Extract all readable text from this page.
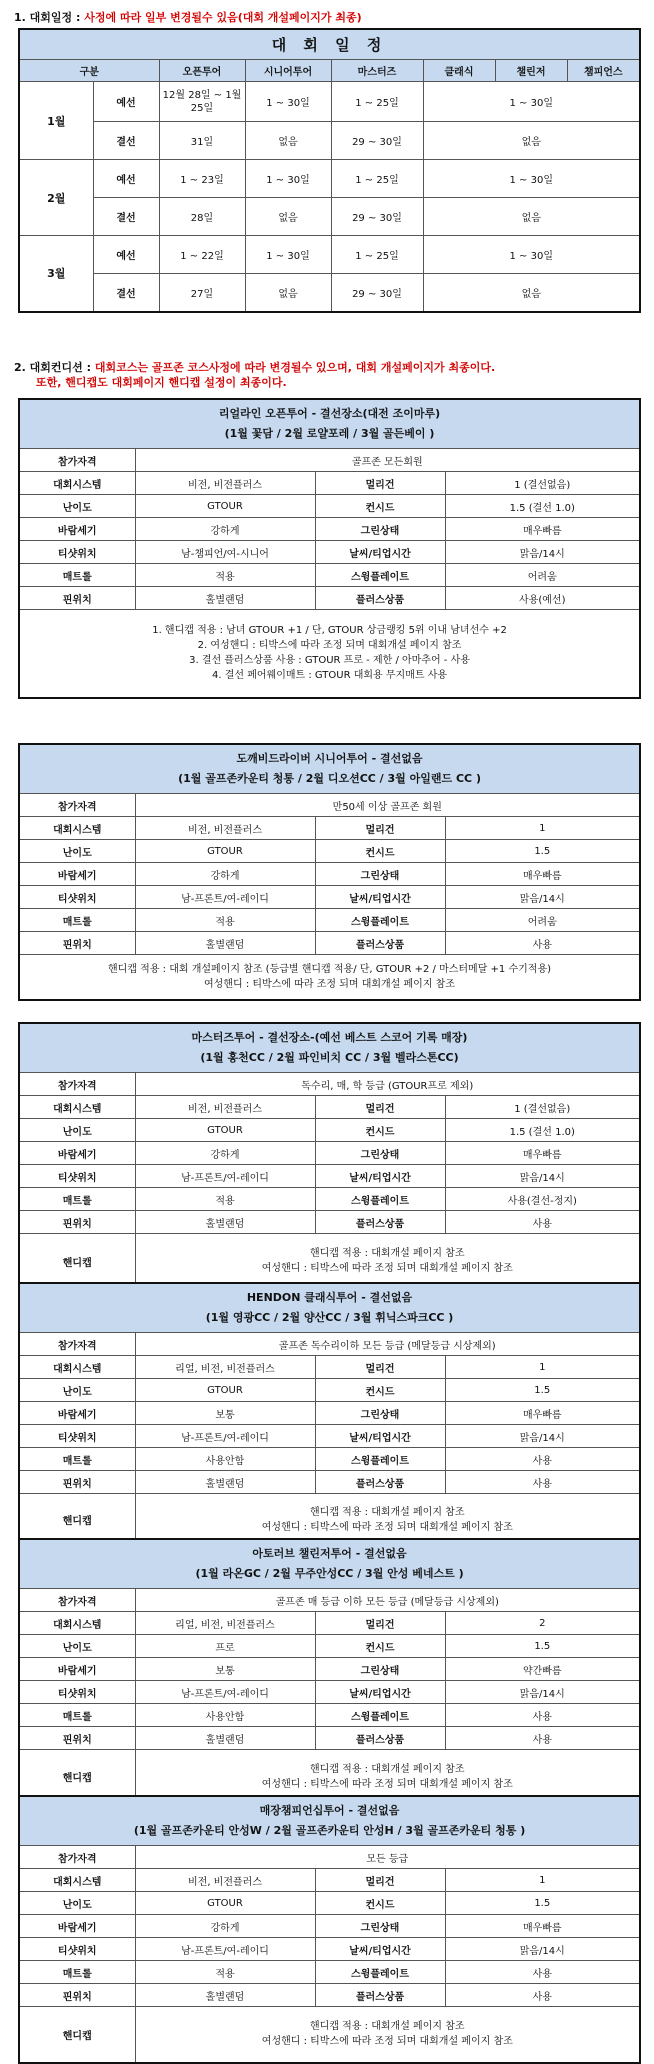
1. 대회일정 : 사정에 따라 일부 변경될수 있음(대회 개설페이지가 최종)
대 회 일 정							
구분		오픈투어	시니어투어	마스터즈	클래식	챌린저	챔피언스
1월	예선	12월 28일 ~ 1월 25일	1 ~ 30일	1 ~ 25일	1 ~ 30일		
	결선	31일	없음	29 ~ 30일	없음		
2월	예선	1 ~ 23일	1 ~ 30일	1 ~ 25일	1 ~ 30일		
	결선	28일	없음	29 ~ 30일	없음		
3월	예선	1 ~ 22일	1 ~ 30일	1 ~ 25일	1 ~ 30일		
	결선	27일	없음	29 ~ 30일	없음		
2. 대회컨디션 : 대회코스는 골프존 코스사정에 따라 변경될수 있으며, 대회 개설페이지가 최종이다.
또한, 핸디캡도 대회페이지 핸디캡 설정이 최종이다.
리얼라인 오픈투어 - 결선장소(대전 조이마루)
(1월 꽃담 / 2월 로얄포레 / 3월 골든베이 )			

참가자격	골프존 모든회원		
대회시스템	비전, 비전플러스	멀리건	1 (결선없음)
난이도	GTOUR	컨시드	1.5 (결선 1.0)
바람세기	강하게	그린상태	매우빠름
티샷위치	남-챔피언/여-시니어	날씨/티업시간	맑음/14시
매트롤	적용	스윙플레이트	어려움
핀위치	홀별랜덤	플러스상품	사용(예선)

1. 핸디캡 적용 : 남녀 GTOUR +1 / 단, GTOUR 상금랭킹 5위 이내 남녀선수 +2
2. 여성핸디 : 티박스에 따라 조정 되며 대회개설 페이지 참조
3. 결선 플러스상품 사용 : GTOUR 프로 - 제한 / 아마추어 - 사용
4. 결선 페어웨이매트 : GTOUR 대회용 무지매트 사용			
도깨비드라이버 시니어투어 - 결선없음
(1월 골프존카운티 청통 / 2월 디오션CC / 3월 아일랜드 CC )			

참가자격	만50세 이상 골프존 회원		
대회시스템	비전, 비전플러스	멀리건	1
난이도	GTOUR	컨시드	1.5
바람세기	강하게	그린상태	매우빠름
티샷위치	남-프론트/여-레이디	날씨/티업시간	맑음/14시
매트롤	적용	스윙플레이트	어려움
핀위치	홀별랜덤	플러스상품	사용

핸디캡 적용 : 대회 개설페이지 참조 (등급별 핸디캡 적용/ 단, GTOUR +2 / 마스터메달 +1 수기적용)
여성핸디 : 티박스에 따라 조정 되며 대회개설 페이지 참조			
마스터즈투어 - 결선장소-(예선 베스트 스코어 기록 매장)
(1월 홍천CC / 2월 파인비치 CC / 3월 벨라스톤CC)			

참가자격	독수리, 매, 학 등급 (GTOUR프로 제외)		
대회시스템	비전, 비전플러스	멀리건	1 (결선없음)
난이도	GTOUR	컨시드	1.5 (결선 1.0)
바람세기	강하게	그린상태	매우빠름
티샷위치	남-프론트/여-레이디	날씨/티업시간	맑음/14시
매트롤	적용	스윙플레이트	사용(결선-정지)
핀위치	홀별랜덤	플러스상품	사용
핸디캡	핸디캡 적용 : 대회개설 페이지 참조
여성핸디 : 티박스에 따라 조정 되며 대회개설 페이지 참조		
HENDON 클래식투어 - 결선없음
(1월 영광CC / 2월 양산CC / 3월 휘닉스파크CC )			

참가자격	골프존 독수리이하 모든 등급 (메달등급 시상제외)		
대회시스템	리얼, 비전, 비전플러스	멀리건	1
난이도	GTOUR	컨시드	1.5
바람세기	보통	그린상태	매우빠름
티샷위치	남-프론트/여-레이디	날씨/티업시간	맑음/14시
매트롤	사용안함	스윙플레이트	사용
핀위치	홀별랜덤	플러스상품	사용
핸디캡	핸디캡 적용 : 대회개설 페이지 참조
여성핸디 : 티박스에 따라 조정 되며 대회개설 페이지 참조		
아토러브 챌린저투어 - 결선없음
(1월 라온GC / 2월 무주안성CC / 3월 안성 베네스트 )			

참가자격	골프존 매 등급 이하 모든 등급 (메달등급 시상제외)		
대회시스템	리얼, 비전, 비전플러스	멀리건	2
난이도	프로	컨시드	1.5
바람세기	보통	그린상태	약간빠름
티샷위치	남-프론트/여-레이디	날씨/티업시간	맑음/14시
매트롤	사용안함	스윙플레이트	사용
핀위치	홀별랜덤	플러스상품	사용
핸디캡	핸디캡 적용 : 대회개설 페이지 참조
여성핸디 : 티박스에 따라 조정 되며 대회개설 페이지 참조		
매장챔피언십투어 - 결선없음
(1월 골프존카운티 안성W / 2월 골프존카운티 안성H / 3월 골프존카운티 청통 )			

참가자격	모든 등급		
대회시스템	비전, 비전플러스	멀리건	1
난이도	GTOUR	컨시드	1.5
바람세기	강하게	그린상태	매우빠름
티샷위치	남-프론트/여-레이디	날씨/티업시간	맑음/14시
매트롤	적용	스윙플레이트	사용
핀위치	홀별랜덤	플러스상품	사용
핸디캡	핸디캡 적용 : 대회개설 페이지 참조
여성핸디 : 티박스에 따라 조정 되며 대회개설 페이지 참조		
